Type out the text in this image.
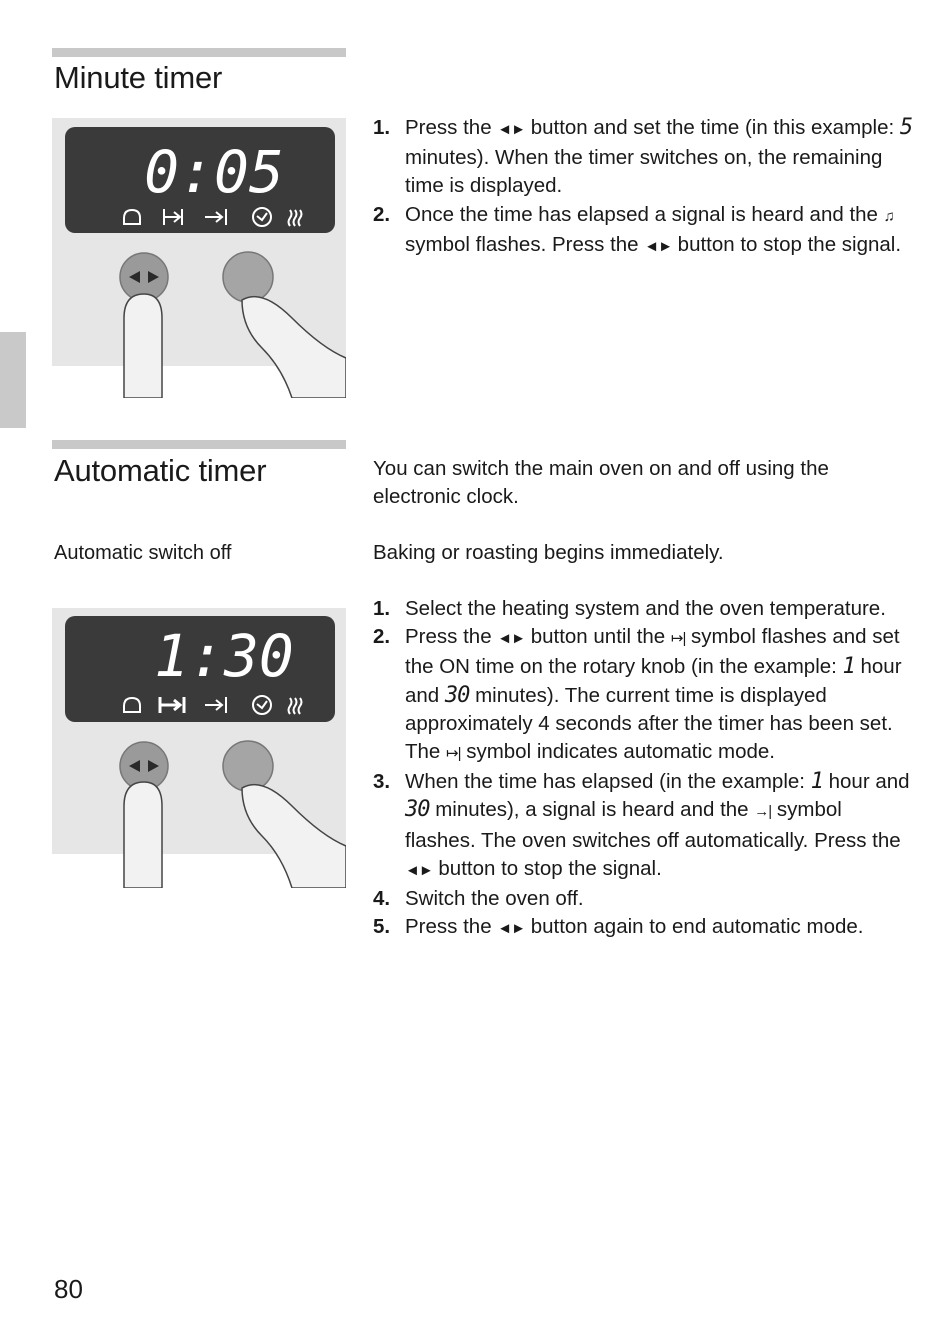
Minute timer
0:05
1. Press the ◄► button and set the time (in this example: 5 minutes). When the timer switches on, the remaining time is displayed.
2. Once the time has elapsed a signal is heard and the ♫ symbol flashes. Press the ◄► button to stop the signal.
Automatic timer	You can switch the main oven on and off using the electronic clock.

Automatic switch off	Baking or roasting begins immediately.

1:30
1. Select the heating system and the oven temperature.
2. Press the ◄► button until the ↦| symbol flashes and set the ON time on the rotary knob (in the example: 1 hour and 30 minutes). The current time is displayed approximately 4 seconds after the timer has been set. The ↦| symbol indicates automatic mode.
3. When the time has elapsed (in the example: 1 hour and 30 minutes), a signal is heard and the →| symbol flashes. The oven switches off automatically. Press the ◄► button to stop the signal.
4. Switch the oven off.
5. Press the ◄► button again to end automatic mode.
80
